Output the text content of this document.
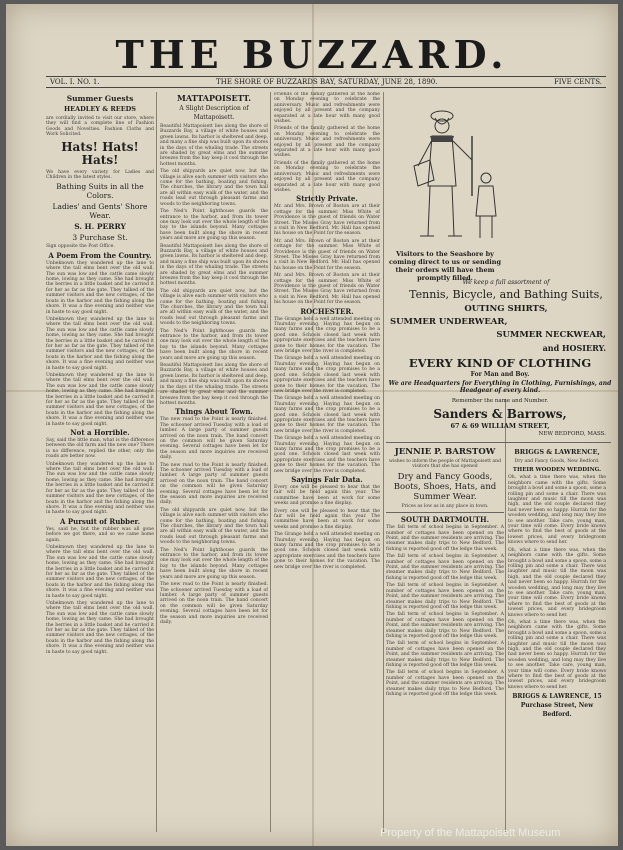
THE BUZZARD.
VOL. I. NO. 1.	THE SHORE OF BUZZARDS BAY, SATURDAY, JUNE 28, 1890.	FIVE CENTS.
Summer Guests
HEADLEY & REEDS

are cordially invited to visit our store, where they will find a complete line of Fashion Goods and Novelties. Fashion Cloths and Work Solicited.

Hats! Hats! Hats!

We have every variety for Ladies and Children in the latest styles.

Bathing Suits in all the Colors.
Ladies' and Gents' Shore Wear.
S. H. PERRY
3 Purchase St.

Sign opposite the Post Office.

A Poem From the Country.

Unbeknown they wandered up the lane to where the tall elms bent over the old wall. The sun was low and the cattle came slowly home, lowing as they came. She had brought the berries in a little basket and he carried it for her as far as the gate. They talked of the summer visitors and the new cottages, of the boats in the harbor and the fishing along the shore. It was a fine evening and neither was in haste to say good night.

Unbeknown they wandered up the lane to where the tall elms bent over the old wall. The sun was low and the cattle came slowly home, lowing as they came. She had brought the berries in a little basket and he carried it for her as far as the gate. They talked of the summer visitors and the new cottages, of the boats in the harbor and the fishing along the shore. It was a fine evening and neither was in haste to say good night.

Unbeknown they wandered up the lane to where the tall elms bent over the old wall. The sun was low and the cattle came slowly home, lowing as they came. She had brought the berries in a little basket and he carried it for her as far as the gate. They talked of the summer visitors and the new cottages, of the boats in the harbor and the fishing along the shore. It was a fine evening and neither was in haste to say good night.

Not a Horrible.

Say, said the little man, what is the difference between the old farm and the new one? There is no difference, replied the other, only the roads are better now.

Unbeknown they wandered up the lane to where the tall elms bent over the old wall. The sun was low and the cattle came slowly home, lowing as they came. She had brought the berries in a little basket and he carried it for her as far as the gate. They talked of the summer visitors and the new cottages, of the boats in the harbor and the fishing along the shore. It was a fine evening and neither was in haste to say good night.

A Pursuit of Rubber.

Yes, said he, but the rubber was all gone before we got there, and so we came home again.

Unbeknown they wandered up the lane to where the tall elms bent over the old wall. The sun was low and the cattle came slowly home, lowing as they came. She had brought the berries in a little basket and he carried it for her as far as the gate. They talked of the summer visitors and the new cottages, of the boats in the harbor and the fishing along the shore. It was a fine evening and neither was in haste to say good night.

Unbeknown they wandered up the lane to where the tall elms bent over the old wall. The sun was low and the cattle came slowly home, lowing as they came. She had brought the berries in a little basket and he carried it for her as far as the gate. They talked of the summer visitors and the new cottages, of the boats in the harbor and the fishing along the shore. It was a fine evening and neither was in haste to say good night.

MATTAPOISETT.
A Slight Description of Mattapoisett.

Beautiful Mattapoisett lies along the shore of Buzzards Bay, a village of white houses and green lawns. Its harbor is sheltered and deep, and many a fine ship was built upon its shores in the days of the whaling trade. The streets are shaded by great elms and the summer breezes from the bay keep it cool through the hottest months.

The old shipyards are quiet now, but the village is alive each summer with visitors who come for the bathing, boating and fishing. The churches, the library and the town hall are all within easy walk of the water, and the roads lead out through pleasant farms and woods to the neighboring towns.

The Ned's Point lighthouse guards the entrance to the harbor, and from its tower one may look out over the whole length of the bay to the islands beyond. Many cottages have been built along the shore in recent years and more are going up this season.

Beautiful Mattapoisett lies along the shore of Buzzards Bay, a village of white houses and green lawns. Its harbor is sheltered and deep, and many a fine ship was built upon its shores in the days of the whaling trade. The streets are shaded by great elms and the summer breezes from the bay keep it cool through the hottest months.

The old shipyards are quiet now, but the village is alive each summer with visitors who come for the bathing, boating and fishing. The churches, the library and the town hall are all within easy walk of the water, and the roads lead out through pleasant farms and woods to the neighboring towns.

The Ned's Point lighthouse guards the entrance to the harbor, and from its tower one may look out over the whole length of the bay to the islands beyond. Many cottages have been built along the shore in recent years and more are going up this season.

Beautiful Mattapoisett lies along the shore of Buzzards Bay, a village of white houses and green lawns. Its harbor is sheltered and deep, and many a fine ship was built upon its shores in the days of the whaling trade. The streets are shaded by great elms and the summer breezes from the bay keep it cool through the hottest months.

Things About Town.

The new road to the Point is nearly finished. The schooner arrived Tuesday with a load of lumber. A large party of summer guests arrived on the noon train. The band concert on the common will be given Saturday evening. Several cottages have been let for the season and more inquiries are received daily.

The new road to the Point is nearly finished. The schooner arrived Tuesday with a load of lumber. A large party of summer guests arrived on the noon train. The band concert on the common will be given Saturday evening. Several cottages have been let for the season and more inquiries are received daily.

The old shipyards are quiet now, but the village is alive each summer with visitors who come for the bathing, boating and fishing. The churches, the library and the town hall are all within easy walk of the water, and the roads lead out through pleasant farms and woods to the neighboring towns.

The Ned's Point lighthouse guards the entrance to the harbor, and from its tower one may look out over the whole length of the bay to the islands beyond. Many cottages have been built along the shore in recent years and more are going up this season.

The new road to the Point is nearly finished. The schooner arrived Tuesday with a load of lumber. A large party of summer guests arrived on the noon train. The band concert on the common will be given Saturday evening. Several cottages have been let for the season and more inquiries are received daily.

Friends of the family gathered at the home on Monday evening to celebrate the anniversary. Music and refreshments were enjoyed by all present and the company separated at a late hour with many good wishes.

Friends of the family gathered at the home on Monday evening to celebrate the anniversary. Music and refreshments were enjoyed by all present and the company separated at a late hour with many good wishes.

Friends of the family gathered at the home on Monday evening to celebrate the anniversary. Music and refreshments were enjoyed by all present and the company separated at a late hour with many good wishes.

Strictly Private.

Mr. and Mrs. Brown of Boston are at their cottage for the summer. Miss White of Providence is the guest of friends on Water Street. The Misses Gray have returned from a visit in New Bedford. Mr. Hall has opened his house on the Point for the season.

Mr. and Mrs. Brown of Boston are at their cottage for the summer. Miss White of Providence is the guest of friends on Water Street. The Misses Gray have returned from a visit in New Bedford. Mr. Hall has opened his house on the Point for the season.

Mr. and Mrs. Brown of Boston are at their cottage for the summer. Miss White of Providence is the guest of friends on Water Street. The Misses Gray have returned from a visit in New Bedford. Mr. Hall has opened his house on the Point for the season.

ROCHESTER.

The Grange held a well attended meeting on Thursday evening. Haying has begun on many farms and the crop promises to be a good one. Schools closed last week with appropriate exercises and the teachers have gone to their homes for the vacation. The new bridge over the river is completed.

The Grange held a well attended meeting on Thursday evening. Haying has begun on many farms and the crop promises to be a good one. Schools closed last week with appropriate exercises and the teachers have gone to their homes for the vacation. The new bridge over the river is completed.

The Grange held a well attended meeting on Thursday evening. Haying has begun on many farms and the crop promises to be a good one. Schools closed last week with appropriate exercises and the teachers have gone to their homes for the vacation. The new bridge over the river is completed.

The Grange held a well attended meeting on Thursday evening. Haying has begun on many farms and the crop promises to be a good one. Schools closed last week with appropriate exercises and the teachers have gone to their homes for the vacation. The new bridge over the river is completed.

Sayings Fair Data.

Every one will be pleased to hear that the fair will be held again this year. The committee have been at work for some weeks and promise a fine display.

Every one will be pleased to hear that the fair will be held again this year. The committee have been at work for some weeks and promise a fine display.

The Grange held a well attended meeting on Thursday evening. Haying has begun on many farms and the crop promises to be a good one. Schools closed last week with appropriate exercises and the teachers have gone to their homes for the vacation. The new bridge over the river is completed.

Visitors to the Seashore by coming direct to us or sending their orders will have them promptly filled.
We keep a full assortment of
Tennis, Bicycle, and Bathing Suits,
OUTING SHIRTS,
SUMMER UNDERWEAR,
SUMMER NECKWEAR,
and HOSIERY.
EVERY KIND OF CLOTHING
For Man and Boy.
We are Headquarters for Everything in Clothing, Furnishings, and Headgear of every kind.
Remember the name and Number.
Sanders & Barrows,
67 & 69 WILLIAM STREET,
NEW BEDFORD, MASS.
JENNIE P. BARSTOW

wishes to inform the people of Mattapoisett and visitors that she has opened

Dry and Fancy Goods, Boots, Shoes, Hats, and Summer Wear.

Prices as low as in any place in town.

SOUTH DARTMOUTH.

The fall term of school begins in September. A number of cottages have been opened on the Point, and the summer residents are arriving. The steamer makes daily trips to New Bedford. The fishing is reported good off the ledge this week.

The fall term of school begins in September. A number of cottages have been opened on the Point, and the summer residents are arriving. The steamer makes daily trips to New Bedford. The fishing is reported good off the ledge this week.

The fall term of school begins in September. A number of cottages have been opened on the Point, and the summer residents are arriving. The steamer makes daily trips to New Bedford. The fishing is reported good off the ledge this week.

The fall term of school begins in September. A number of cottages have been opened on the Point, and the summer residents are arriving. The steamer makes daily trips to New Bedford. The fishing is reported good off the ledge this week.

The fall term of school begins in September. A number of cottages have been opened on the Point, and the summer residents are arriving. The steamer makes daily trips to New Bedford. The fishing is reported good off the ledge this week.

The fall term of school begins in September. A number of cottages have been opened on the Point, and the summer residents are arriving. The steamer makes daily trips to New Bedford. The fishing is reported good off the ledge this week.

BRIGGS & LAWRENCE,

Dry and Fancy Goods, New Bedford.

THEIR WOODEN WEDDING.

Oh, what a time there was, when the neighbors came with the gifts. Some brought a bowl and some a spoon, some a rolling pin and some a chair. There was laughter and music till the moon was high, and the old couple declared they had never been so happy. Hurrah for the wooden wedding, and long may they live to see another. Take care, young man, your time will come. Every bride knows where to find the best of goods at the lowest prices, and every bridegroom knows where to send her.

Oh, what a time there was, when the neighbors came with the gifts. Some brought a bowl and some a spoon, some a rolling pin and some a chair. There was laughter and music till the moon was high, and the old couple declared they had never been so happy. Hurrah for the wooden wedding, and long may they live to see another. Take care, young man, your time will come. Every bride knows where to find the best of goods at the lowest prices, and every bridegroom knows where to send her.

Oh, what a time there was, when the neighbors came with the gifts. Some brought a bowl and some a spoon, some a rolling pin and some a chair. There was laughter and music till the moon was high, and the old couple declared they had never been so happy. Hurrah for the wooden wedding, and long may they live to see another. Take care, young man, your time will come. Every bride knows where to find the best of goods at the lowest prices, and every bridegroom knows where to send her.

BRIGGS & LAWRENCE, 15 Purchase Street, New Bedford.
Property of the Mattapoisett Museum
